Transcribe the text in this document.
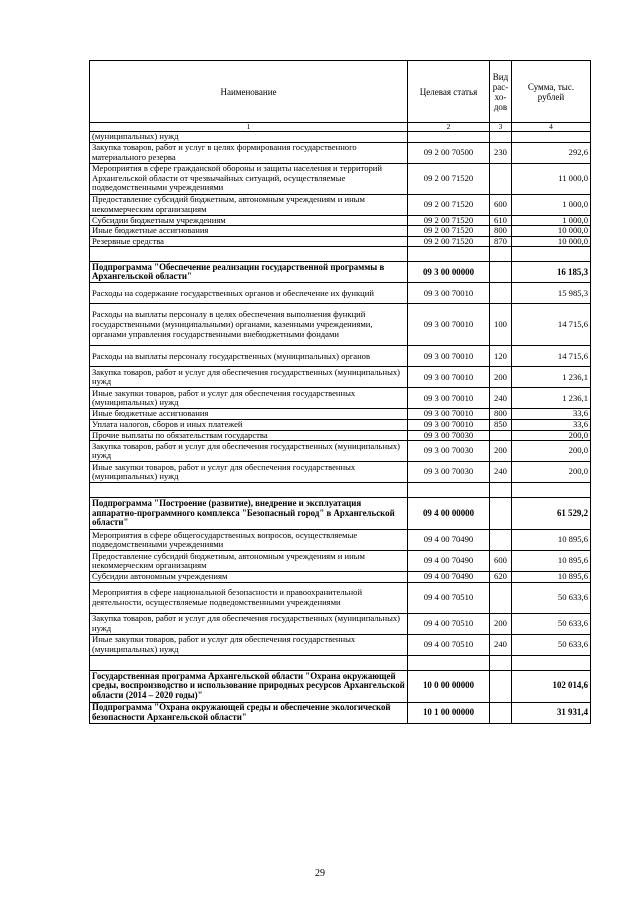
Наименование	Целевая статья	Вид рас-хо-дов	Сумма, тыс. рублей
1	2	3	4
(муниципальных) нужд			
Закупка товаров, работ и услуг в целях формирования государственного материального резерва	09 2 00 70500	230	292,6
Мероприятия в сфере гражданской обороны и защиты населения и территорий Архангельской области от чрезвычайных ситуаций, осуществляемые подведомственными учреждениями	09 2 00 71520		11 000,0
Предоставление субсидий бюджетным, автономным учреждениям и иным некоммерческим организациям	09 2 00 71520	600	1 000,0
Субсидии бюджетным учреждениям	09 2 00 71520	610	1 000,0
Иные бюджетные ассигнования	09 2 00 71520	800	10 000,0
Резервные средства	09 2 00 71520	870	10 000,0

Подпрограмма "Обеспечение реализации государственной программы в Архангельской области"	09 3 00 00000		16 185,3
Расходы на содержание государственных органов и обеспечение их функций	09 3 00 70010		15 985,3
Расходы на выплаты персоналу в целях обеспечения выполнения функций государственными (муниципальными) органами, казенными учреждениями, органами управления государственными внебюджетными фондами	09 3 00 70010	100	14 715,6
Расходы на выплаты персоналу государственных (муниципальных) органов	09 3 00 70010	120	14 715,6
Закупка товаров, работ и услуг для обеспечения государственных (муниципальных) нужд	09 3 00 70010	200	1 236,1
Иные закупки товаров, работ и услуг для обеспечения государственных (муниципальных) нужд	09 3 00 70010	240	1 236,1
Иные бюджетные ассигнования	09 3 00 70010	800	33,6
Уплата налогов, сборов и иных платежей	09 3 00 70010	850	33,6
Прочие выплаты по обязательствам государства	09 3 00 70030		200,0
Закупка товаров, работ и услуг для обеспечения государственных (муниципальных) нужд	09 3 00 70030	200	200,0
Иные закупки товаров, работ и услуг для обеспечения государственных (муниципальных) нужд	09 3 00 70030	240	200,0

Подпрограмма "Построение (развитие), внедрение и эксплуатация аппаратно-программного комплекса "Безопасный город" в Архангельской области"	09 4 00 00000		61 529,2
Мероприятия в сфере общегосударственных вопросов, осуществляемые подведомственными учреждениями	09 4 00 70490		10 895,6
Предоставление субсидий бюджетным, автономным учреждениям и иным некоммерческим организациям	09 4 00 70490	600	10 895,6
Субсидии автономным учреждениям	09 4 00 70490	620	10 895,6
Мероприятия в сфере национальной безопасности и правоохранительной деятельности, осуществляемые подведомственными учреждениями	09 4 00 70510		50 633,6
Закупка товаров, работ и услуг для обеспечения государственных (муниципальных) нужд	09 4 00 70510	200	50 633,6
Иные закупки товаров, работ и услуг для обеспечения государственных (муниципальных) нужд	09 4 00 70510	240	50 633,6

Государственная программа Архангельской области "Охрана окружающей среды, воспроизводство и использование природных ресурсов Архангельской области (2014 – 2020 годы)"	10 0 00 00000		102 014,6
Подпрограмма "Охрана окружающей среды и обеспечение экологической безопасности Архангельской области"	10 1 00 00000		31 931,4
29
